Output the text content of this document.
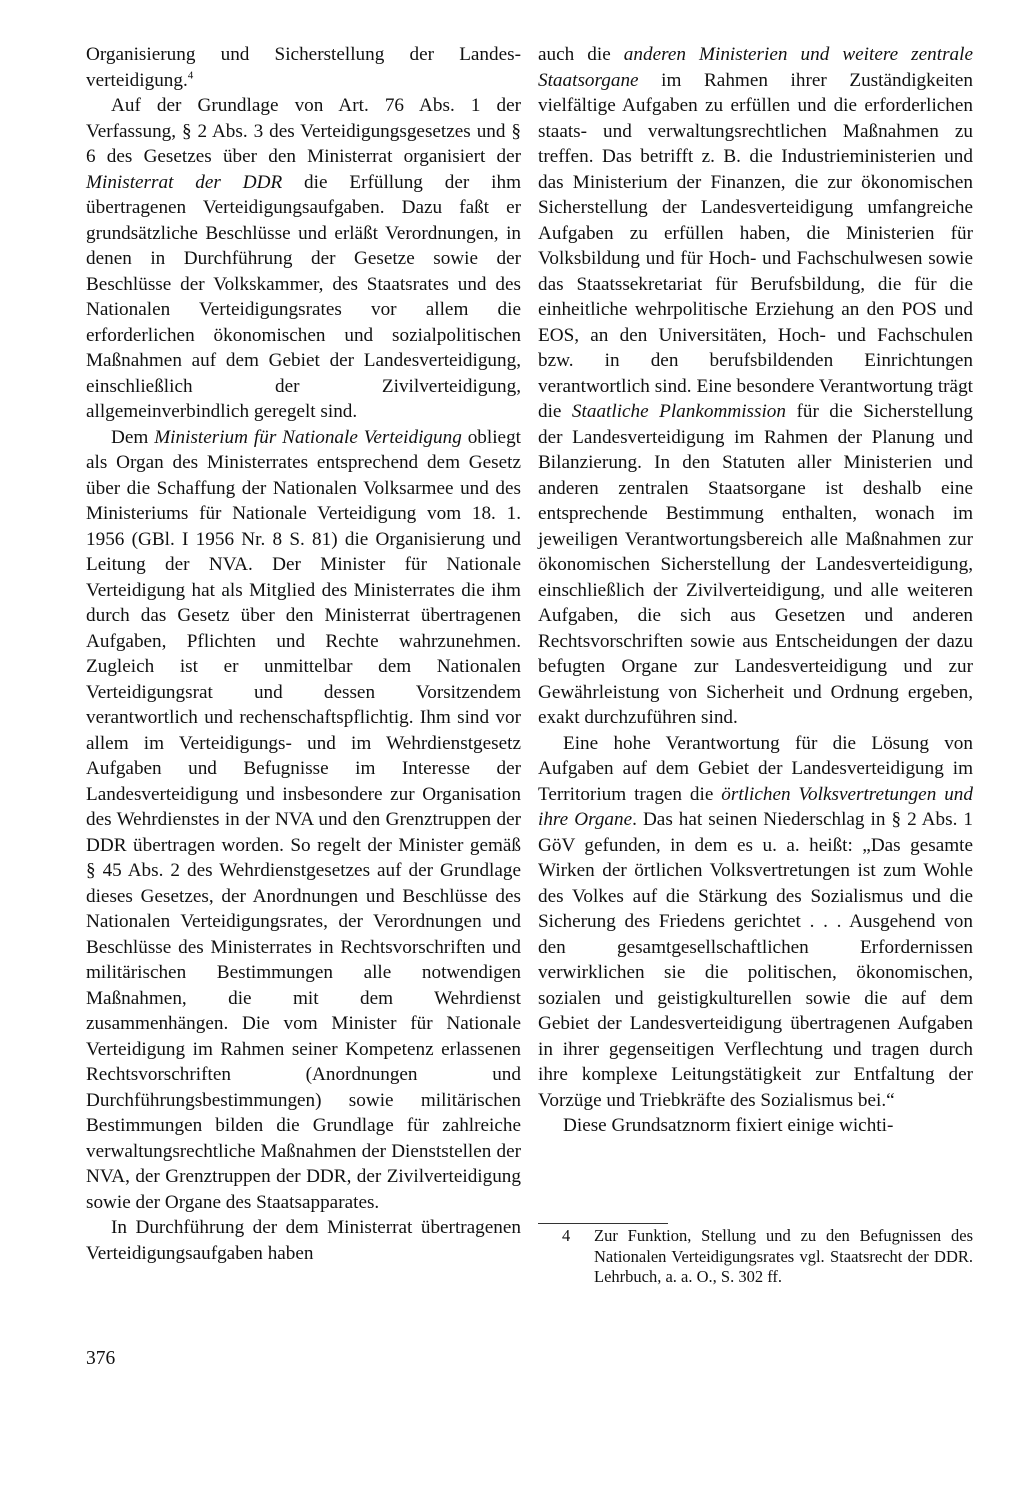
Organisierung und Sicherstellung der Landesverteidigung.$^4$

Auf der Grundlage von Art. 76 Abs. 1 der Verfassung, § 2 Abs. 3 des Verteidigungsgesetzes und § 6 des Gesetzes über den Ministerrat organisiert der Ministerrat der DDR die Erfüllung der ihm übertragenen Verteidigungsaufgaben. Dazu faßt er grundsätzliche Beschlüsse und erläßt Verordnungen, in denen in Durchführung der Gesetze sowie der Beschlüsse der Volkskammer, des Staatsrates und des Nationalen Verteidigungsrates vor allem die erforderlichen ökonomischen und sozialpolitischen Maßnahmen auf dem Gebiet der Landesverteidigung, einschließlich der Zivilverteidigung, allgemeinverbindlich geregelt sind.

Dem Ministerium für Nationale Verteidigung obliegt als Organ des Ministerrates entsprechend dem Gesetz über die Schaffung der Nationalen Volksarmee und des Ministeriums für Nationale Verteidigung vom 18. 1. 1956 (GBl. I 1956 Nr. 8 S. 81) die Organisierung und Leitung der NVA. Der Minister für Nationale Verteidigung hat als Mitglied des Ministerrates die ihm durch das Gesetz über den Ministerrat übertragenen Aufgaben, Pflichten und Rechte wahrzunehmen. Zugleich ist er unmittelbar dem Nationalen Verteidigungsrat und dessen Vorsitzendem verantwortlich und rechenschaftspflichtig. Ihm sind vor allem im Verteidigungs- und im Wehrdienstgesetz Aufgaben und Befugnisse im Interesse der Landesverteidigung und insbesondere zur Organisation des Wehrdienstes in der NVA und den Grenztruppen der DDR übertragen worden. So regelt der Minister gemäß § 45 Abs. 2 des Wehrdienstgesetzes auf der Grundlage dieses Gesetzes, der Anordnungen und Beschlüsse des Nationalen Verteidigungsrates, der Verordnungen und Beschlüsse des Ministerrates in Rechtsvorschriften und militärischen Bestimmungen alle notwendigen Maßnahmen, die mit dem Wehrdienst zusammenhängen. Die vom Minister für Nationale Verteidigung im Rahmen seiner Kompetenz erlassenen Rechtsvorschriften (Anordnungen und Durchführungsbestimmungen) sowie militärischen Bestimmungen bilden die Grundlage für zahlreiche verwaltungsrechtliche Maßnahmen der Dienststellen der NVA, der Grenztruppen der DDR, der Zivilverteidigung sowie der Organe des Staatsapparates.

In Durchführung der dem Ministerrat übertragenen Verteidigungsaufgaben haben

auch die anderen Ministerien und weitere zentrale Staatsorgane im Rahmen ihrer Zuständigkeiten vielfältige Aufgaben zu erfüllen und die erforderlichen staats- und verwaltungsrechtlichen Maßnahmen zu treffen. Das betrifft z. B. die Industrieministerien und das Ministerium der Finanzen, die zur ökonomischen Sicherstellung der Landesverteidigung umfangreiche Aufgaben zu erfüllen haben, die Ministerien für Volksbildung und für Hoch- und Fachschulwesen sowie das Staatssekretariat für Berufsbildung, die für die einheitliche wehrpolitische Erziehung an den POS und EOS, an den Universitäten, Hoch- und Fachschulen bzw. in den berufsbildenden Einrichtungen verantwortlich sind. Eine besondere Verantwortung trägt die Staatliche Plankommission für die Sicherstellung der Landesverteidigung im Rahmen der Planung und Bilanzierung. In den Statuten aller Ministerien und anderen zentralen Staatsorgane ist deshalb eine entsprechende Bestimmung enthalten, wonach im jeweiligen Verantwortungsbereich alle Maßnahmen zur ökonomischen Sicherstellung der Landesverteidigung, einschließlich der Zivilverteidigung, und alle weiteren Aufgaben, die sich aus Gesetzen und anderen Rechtsvorschriften sowie aus Entscheidungen der dazu befugten Organe zur Landesverteidigung und zur Gewährleistung von Sicherheit und Ordnung ergeben, exakt durchzuführen sind.

Eine hohe Verantwortung für die Lösung von Aufgaben auf dem Gebiet der Landesverteidigung im Territorium tragen die örtlichen Volksvertretungen und ihre Organe. Das hat seinen Niederschlag in § 2 Abs. 1 GöV gefunden, in dem es u. a. heißt: „Das gesamte Wirken der örtlichen Volksvertretungen ist zum Wohle des Volkes auf die Stärkung des Sozialismus und die Sicherung des Friedens gerichtet . . . Ausgehend von den gesamtgesellschaftlichen Erfordernissen verwirklichen sie die politischen, ökonomischen, sozialen und geistigkulturellen sowie die auf dem Gebiet der Landesverteidigung übertragenen Aufgaben in ihrer gegenseitigen Verflechtung und tragen durch ihre komplexe Leitungstätigkeit zur Entfaltung der Vorzüge und Triebkräfte des Sozialismus bei.“

Diese Grundsatznorm fixiert einige wichti-

4	Zur Funktion, Stellung und zu den Befugnissen des Nationalen Verteidigungsrates vgl. Staatsrecht der DDR. Lehrbuch, a. a. O., S. 302 ff.
376
